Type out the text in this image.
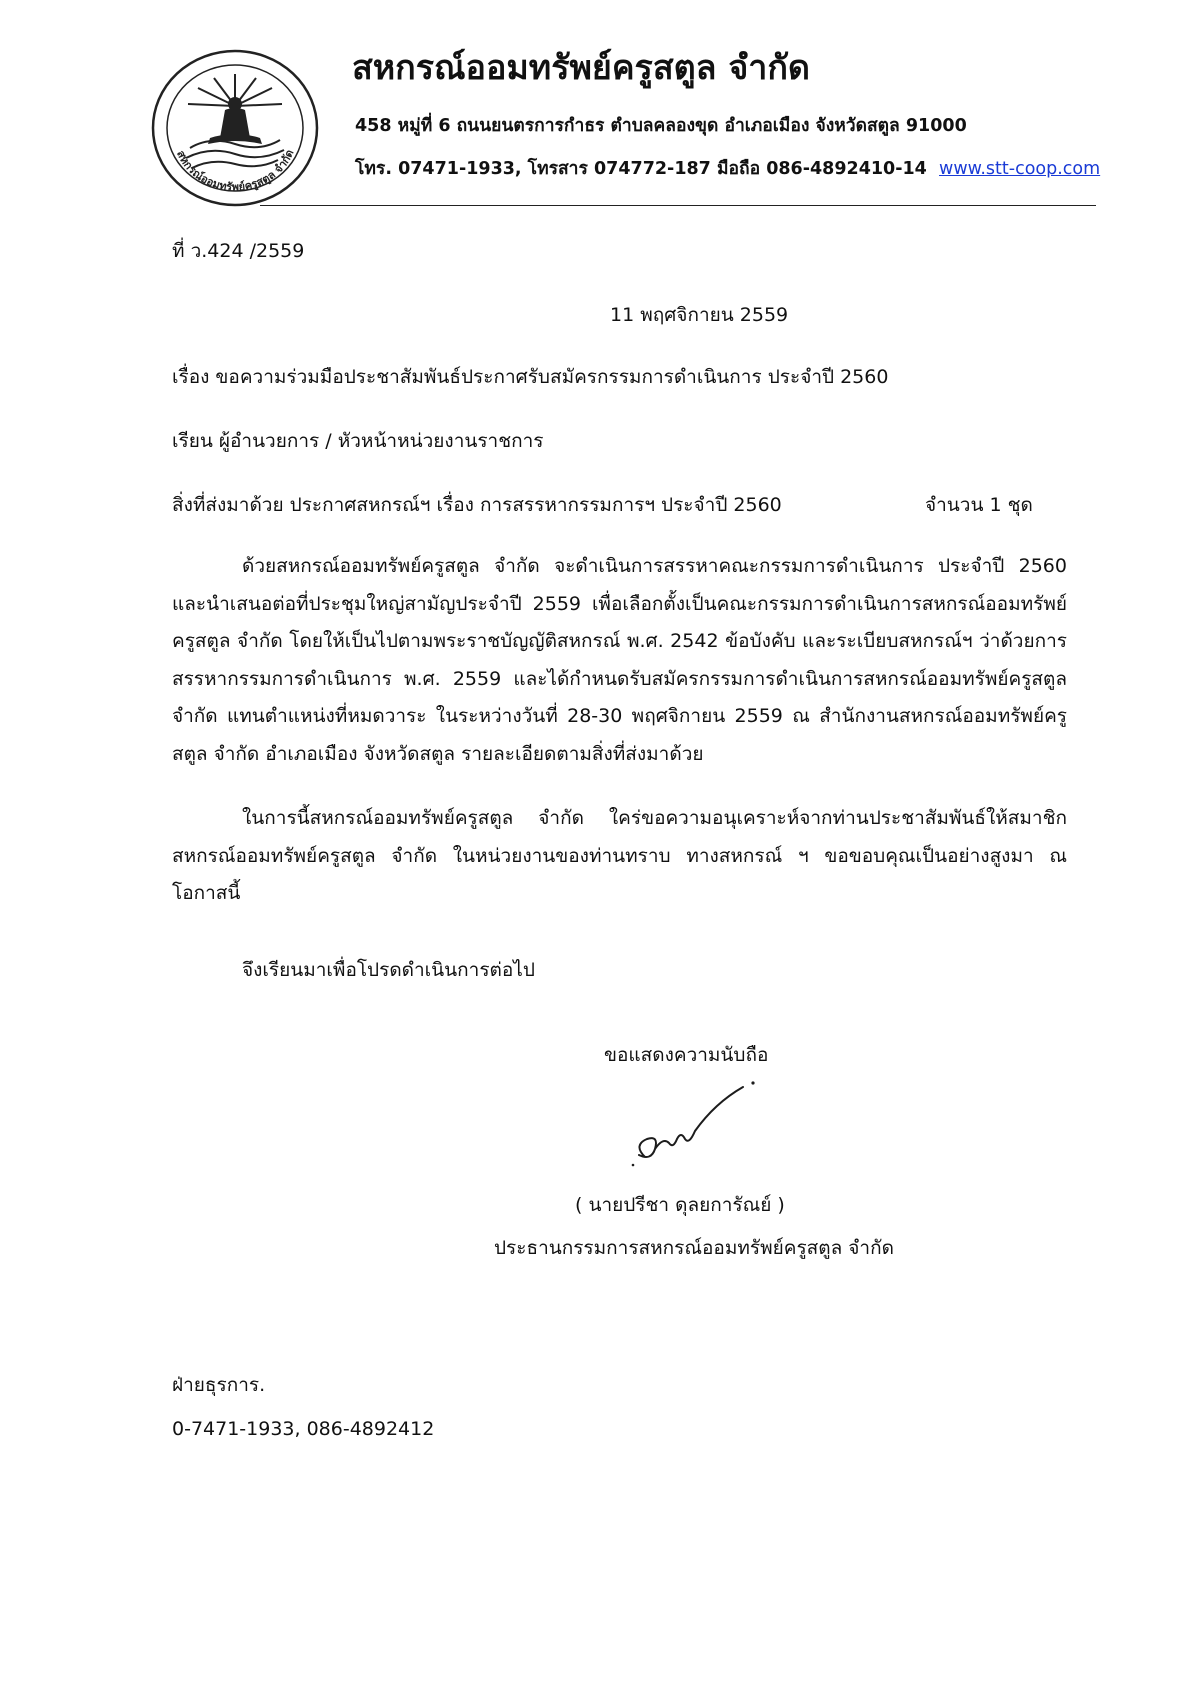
สหกรณ์ออมทรัพย์ครูสตูล จำกัด
สหกรณ์ออมทรัพย์ครูสตูล จำกัด
458 หมู่ที่ 6 ถนนยนตรการกำธร ตำบลคลองขุด อำเภอเมือง จังหวัดสตูล 91000
โทร. 07471-1933, โทรสาร 074772-187 มือถือ 086-4892410-14 www.stt-coop.com
ที่ ว.424 /2559
11 พฤศจิกายน 2559
เรื่อง ขอความร่วมมือประชาสัมพันธ์ประกาศรับสมัครกรรมการดำเนินการ ประจำปี 2560
เรียน ผู้อำนวยการ / หัวหน้าหน่วยงานราชการ
สิ่งที่ส่งมาด้วย ประกาศสหกรณ์ฯ เรื่อง การสรรหากรรมการฯ ประจำปี 2560	จำนวน 1 ชุด
ด้วยสหกรณ์ออมทรัพย์ครูสตูล จำกัด จะดำเนินการสรรหาคณะกรรมการดำเนินการ ประจำปี 2560 และนำเสนอต่อที่ประชุมใหญ่สามัญประจำปี 2559 เพื่อเลือกตั้งเป็นคณะกรรมการดำเนินการสหกรณ์ออมทรัพย์ครูสตูล จำกัด โดยให้เป็นไปตามพระราชบัญญัติสหกรณ์ พ.ศ. 2542 ข้อบังคับ และระเบียบสหกรณ์ฯ ว่าด้วยการสรรหากรรมการดำเนินการ พ.ศ. 2559 และได้กำหนดรับสมัครกรรมการดำเนินการสหกรณ์ออมทรัพย์ครูสตูล จำกัด แทนตำแหน่งที่หมดวาระ ในระหว่างวันที่ 28-30 พฤศจิกายน 2559 ณ สำนักงานสหกรณ์ออมทรัพย์ครูสตูล จำกัด อำเภอเมือง จังหวัดสตูล รายละเอียดตามสิ่งที่ส่งมาด้วย
ในการนี้สหกรณ์ออมทรัพย์ครูสตูล จำกัด ใคร่ขอความอนุเคราะห์จากท่านประชาสัมพันธ์ให้สมาชิกสหกรณ์ออมทรัพย์ครูสตูล จำกัด ในหน่วยงานของท่านทราบ ทางสหกรณ์ ฯ ขอขอบคุณเป็นอย่างสูงมา ณ โอกาสนี้
จึงเรียนมาเพื่อโปรดดำเนินการต่อไป
ขอแสดงความนับถือ
( นายปรีชา ดุลยการัณย์ )
ประธานกรรมการสหกรณ์ออมทรัพย์ครูสตูล จำกัด
ฝ่ายธุรการ.
0-7471-1933, 086-4892412
